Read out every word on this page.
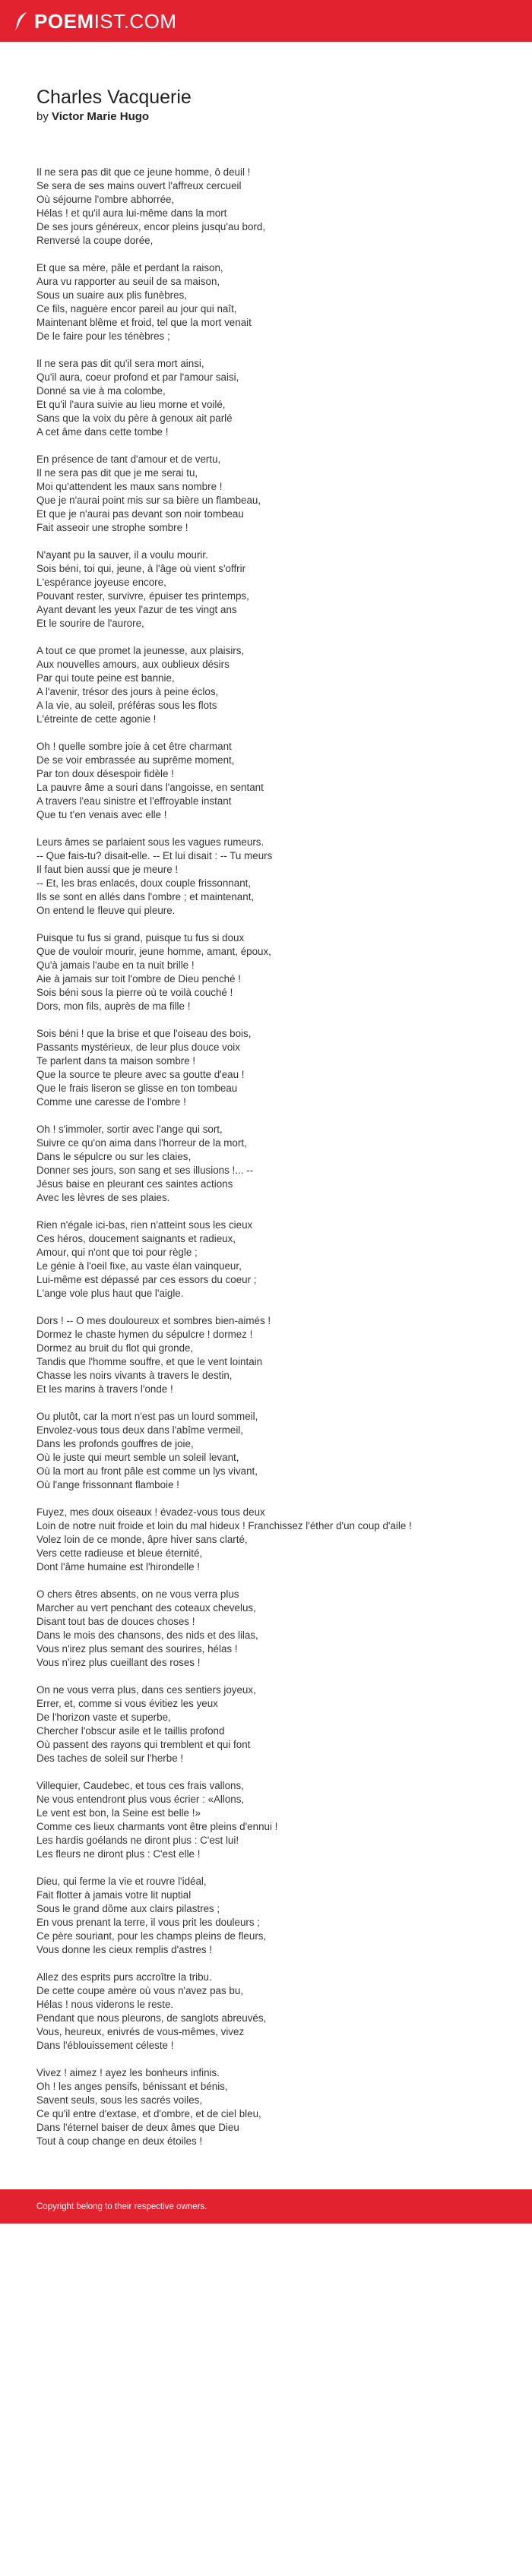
POEM IST.COM
Charles Vacquerie
by Victor Marie Hugo

Il ne sera pas dit que ce jeune homme, ô deuil !
Se sera de ses mains ouvert l'affreux cercueil
Où séjourne l'ombre abhorrée,
Hélas ! et qu'il aura lui-même dans la mort
De ses jours généreux, encor pleins jusqu'au bord,
Renversé la coupe dorée,

Et que sa mère, pâle et perdant la raison,
Aura vu rapporter au seuil de sa maison,
Sous un suaire aux plis funèbres,
Ce fils, naguère encor pareil au jour qui naît,
Maintenant blême et froid, tel que la mort venait
De le faire pour les ténèbres ;

Il ne sera pas dit qu'il sera mort ainsi,
Qu'il aura, coeur profond et par l'amour saisi,
Donné sa vie à ma colombe,
Et qu'il l'aura suivie au lieu morne et voilé,
Sans que la voix du père à genoux ait parlé
A cet âme dans cette tombe !

En présence de tant d'amour et de vertu,
Il ne sera pas dit que je me serai tu,
Moi qu'attendent les maux sans nombre !
Que je n'aurai point mis sur sa bière un flambeau,
Et que je n'aurai pas devant son noir tombeau
Fait asseoir une strophe sombre !

N'ayant pu la sauver, il a voulu mourir.
Sois béni, toi qui, jeune, à l'âge où vient s'offrir
L'espérance joyeuse encore,
Pouvant rester, survivre, épuiser tes printemps,
Ayant devant les yeux l'azur de tes vingt ans
Et le sourire de l'aurore,

A tout ce que promet la jeunesse, aux plaisirs,
Aux nouvelles amours, aux oublieux désirs
Par qui toute peine est bannie,
A l'avenir, trésor des jours à peine éclos,
A la vie, au soleil, préféras sous les flots
L'étreinte de cette agonie !

Oh ! quelle sombre joie à cet être charmant
De se voir embrassée au suprême moment,
Par ton doux désespoir fidèle !
La pauvre âme a souri dans l'angoisse, en sentant
A travers l'eau sinistre et l'effroyable instant
Que tu t'en venais avec elle !

Leurs âmes se parlaient sous les vagues rumeurs.
-- Que fais-tu? disait-elle. -- Et lui disait : -- Tu meurs
Il faut bien aussi que je meure !
-- Et, les bras enlacés, doux couple frissonnant,
Ils se sont en allés dans l'ombre ; et maintenant,
On entend le fleuve qui pleure.

Puisque tu fus si grand, puisque tu fus si doux
Que de vouloir mourir, jeune homme, amant, époux,
Qu'à jamais l'aube en ta nuit brille !
Aie à jamais sur toit l'ombre de Dieu penché !
Sois béni sous la pierre où te voilà couché !
Dors, mon fils, auprès de ma fille !

Sois béni ! que la brise et que l'oiseau des bois,
Passants mystérieux, de leur plus douce voix
Te parlent dans ta maison sombre !
Que la source te pleure avec sa goutte d'eau !
Que le frais liseron se glisse en ton tombeau
Comme une caresse de l'ombre !

Oh ! s'immoler, sortir avec l'ange qui sort,
Suivre ce qu'on aima dans l'horreur de la mort,
Dans le sépulcre ou sur les claies,
Donner ses jours, son sang et ses illusions !... --
Jésus baise en pleurant ces saintes actions
Avec les lèvres de ses plaies.

Rien n'égale ici-bas, rien n'atteint sous les cieux
Ces héros, doucement saignants et radieux,
Amour, qui n'ont que toi pour règle ;
Le génie à l'oeil fixe, au vaste élan vainqueur,
Lui-même est dépassé par ces essors du coeur ;
L'ange vole plus haut que l'aigle.

Dors ! -- O mes douloureux et sombres bien-aimés !
Dormez le chaste hymen du sépulcre ! dormez !
Dormez au bruit du flot qui gronde,
Tandis que l'homme souffre, et que le vent lointain
Chasse les noirs vivants à travers le destin,
Et les marins à travers l'onde !

Ou plutôt, car la mort n'est pas un lourd sommeil,
Envolez-vous tous deux dans l'abîme vermeil,
Dans les profonds gouffres de joie,
Où le juste qui meurt semble un soleil levant,
Où la mort au front pâle est comme un lys vivant,
Où l'ange frissonnant flamboie !

Fuyez, mes doux oiseaux ! évadez-vous tous deux
Loin de notre nuit froide et loin du mal hideux ! Franchissez l'éther d'un coup d'aile !
Volez loin de ce monde, âpre hiver sans clarté,
Vers cette radieuse et bleue éternité,
Dont l'âme humaine est l'hirondelle !

O chers êtres absents, on ne vous verra plus
Marcher au vert penchant des coteaux chevelus,
Disant tout bas de douces choses !
Dans le mois des chansons, des nids et des lilas,
Vous n'irez plus semant des sourires, hélas !
Vous n'irez plus cueillant des roses !

On ne vous verra plus, dans ces sentiers joyeux,
Errer, et, comme si vous évitiez les yeux
De l'horizon vaste et superbe,
Chercher l'obscur asile et le taillis profond
Où passent des rayons qui tremblent et qui font
Des taches de soleil sur l'herbe !

Villequier, Caudebec, et tous ces frais vallons,
Ne vous entendront plus vous écrier : «Allons,
Le vent est bon, la Seine est belle !»
Comme ces lieux charmants vont être pleins d'ennui !
Les hardis goélands ne diront plus : C'est lui!
Les fleurs ne diront plus : C'est elle !

Dieu, qui ferme la vie et rouvre l'idéal,
Fait flotter à jamais votre lit nuptial
Sous le grand dôme aux clairs pilastres ;
En vous prenant la terre, il vous prit les douleurs ;
Ce père souriant, pour les champs pleins de fleurs,
Vous donne les cieux remplis d'astres !

Allez des esprits purs accroître la tribu.
De cette coupe amère où vous n'avez pas bu,
Hélas ! nous viderons le reste.
Pendant que nous pleurons, de sanglots abreuvés,
Vous, heureux, enivrés de vous-mêmes, vivez
Dans l'éblouissement céleste !

Vivez ! aimez ! ayez les bonheurs infinis.
Oh ! les anges pensifs, bénissant et bénis,
Savent seuls, sous les sacrés voiles,
Ce qu'il entre d'extase, et d'ombre, et de ciel bleu,
Dans l'éternel baiser de deux âmes que Dieu
Tout à coup change en deux étoiles !

Copyright belong to their respective owners.
